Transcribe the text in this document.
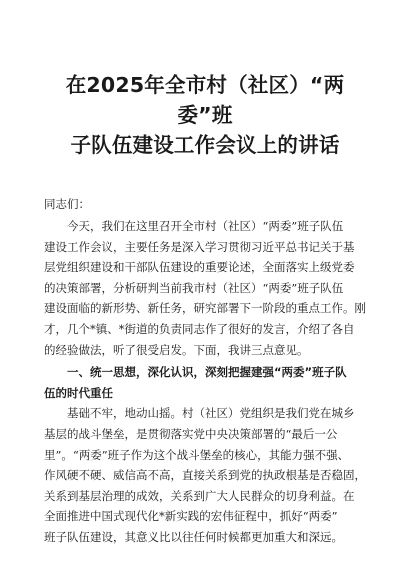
在2025年全市村（社区）“两委”班
子队伍建设工作会议上的讲话

同志们：

今天，我们在这里召开全市村（社区）“两委”班子队伍
建设工作会议，主要任务是深入学习贯彻习近平总书记关于基
层党组织建设和干部队伍建设的重要论述，全面落实上级党委
的决策部署，分析研判当前我市村（社区）“两委”班子队伍
建设面临的新形势、新任务，研究部署下一阶段的重点工作。刚
才，几个*镇、*街道的负责同志作了很好的发言，介绍了各自
的经验做法，听了很受启发。下面，我讲三点意见。
一、统一思想，深化认识，深刻把握建强“两委”班子队
伍的时代重任
基础不牢，地动山摇。村（社区）党组织是我们党在城乡
基层的战斗堡垒，是贯彻落实党中央决策部署的“最后一公
里”。“两委”班子作为这个战斗堡垒的核心，其能力强不强、
作风硬不硬、威信高不高，直接关系到党的执政根基是否稳固，
关系到基层治理的成效，关系到广大人民群众的切身利益。在
全面推进中国式现代化*新实践的宏伟征程中，抓好“两委”
班子队伍建设，其意义比以往任何时候都更加重大和深远。
